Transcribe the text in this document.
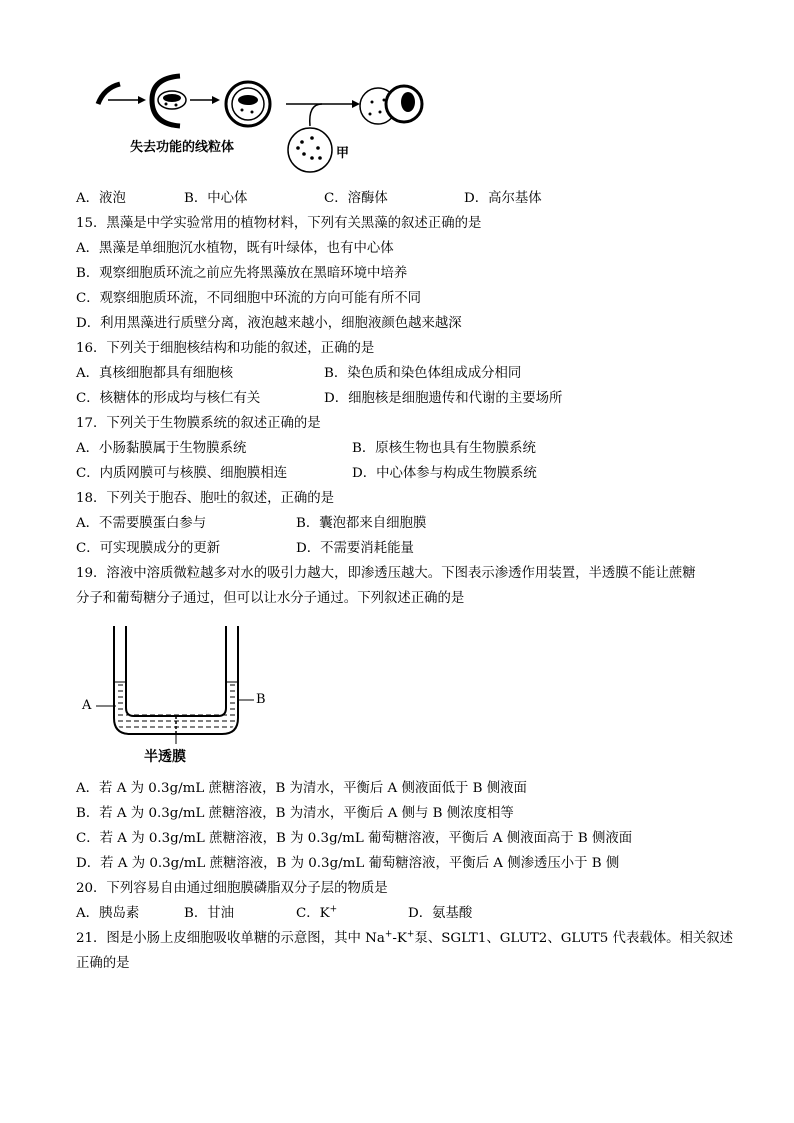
失去功能的线粒体	甲
A．液泡	B．中心体	C．溶酶体	D．高尔基体
15．黑藻是中学实验常用的植物材料，下列有关黑藻的叙述正确的是
A．黑藻是单细胞沉水植物，既有叶绿体，也有中心体
B．观察细胞质环流之前应先将黑藻放在黑暗环境中培养
C．观察细胞质环流，不同细胞中环流的方向可能有所不同
D．利用黑藻进行质壁分离，液泡越来越小，细胞液颜色越来越深
16．下列关于细胞核结构和功能的叙述，正确的是
A．真核细胞都具有细胞核	B．染色质和染色体组成成分相同
C．核糖体的形成均与核仁有关	D．细胞核是细胞遗传和代谢的主要场所
17．下列关于生物膜系统的叙述正确的是
A．小肠黏膜属于生物膜系统	B．原核生物也具有生物膜系统
C．内质网膜可与核膜、细胞膜相连	D．中心体参与构成生物膜系统
18．下列关于胞吞、胞吐的叙述，正确的是
A．不需要膜蛋白参与	B．囊泡都来自细胞膜
C．可实现膜成分的更新	D．不需要消耗能量
19．溶液中溶质微粒越多对水的吸引力越大，即渗透压越大。下图表示渗透作用装置，半透膜不能让蔗糖
分子和葡萄糖分子通过，但可以让水分子通过。下列叙述正确的是
A	B
半透膜
A．若 A 为 0.3g/mL 蔗糖溶液，B 为清水，平衡后 A 侧液面低于 B 侧液面
B．若 A 为 0.3g/mL 蔗糖溶液，B 为清水，平衡后 A 侧与 B 侧浓度相等
C．若 A 为 0.3g/mL 蔗糖溶液，B 为 0.3g/mL 葡萄糖溶液，平衡后 A 侧液面高于 B 侧液面
D．若 A 为 0.3g/mL 蔗糖溶液，B 为 0.3g/mL 葡萄糖溶液，平衡后 A 侧渗透压小于 B 侧
20．下列容易自由通过细胞膜磷脂双分子层的物质是
A．胰岛素	B．甘油	C．K+	D．氨基酸
21．图是小肠上皮细胞吸收单糖的示意图，其中 Na+-K+泵、SGLT1、GLUT2、GLUT5 代表载体。相关叙述
正确的是
